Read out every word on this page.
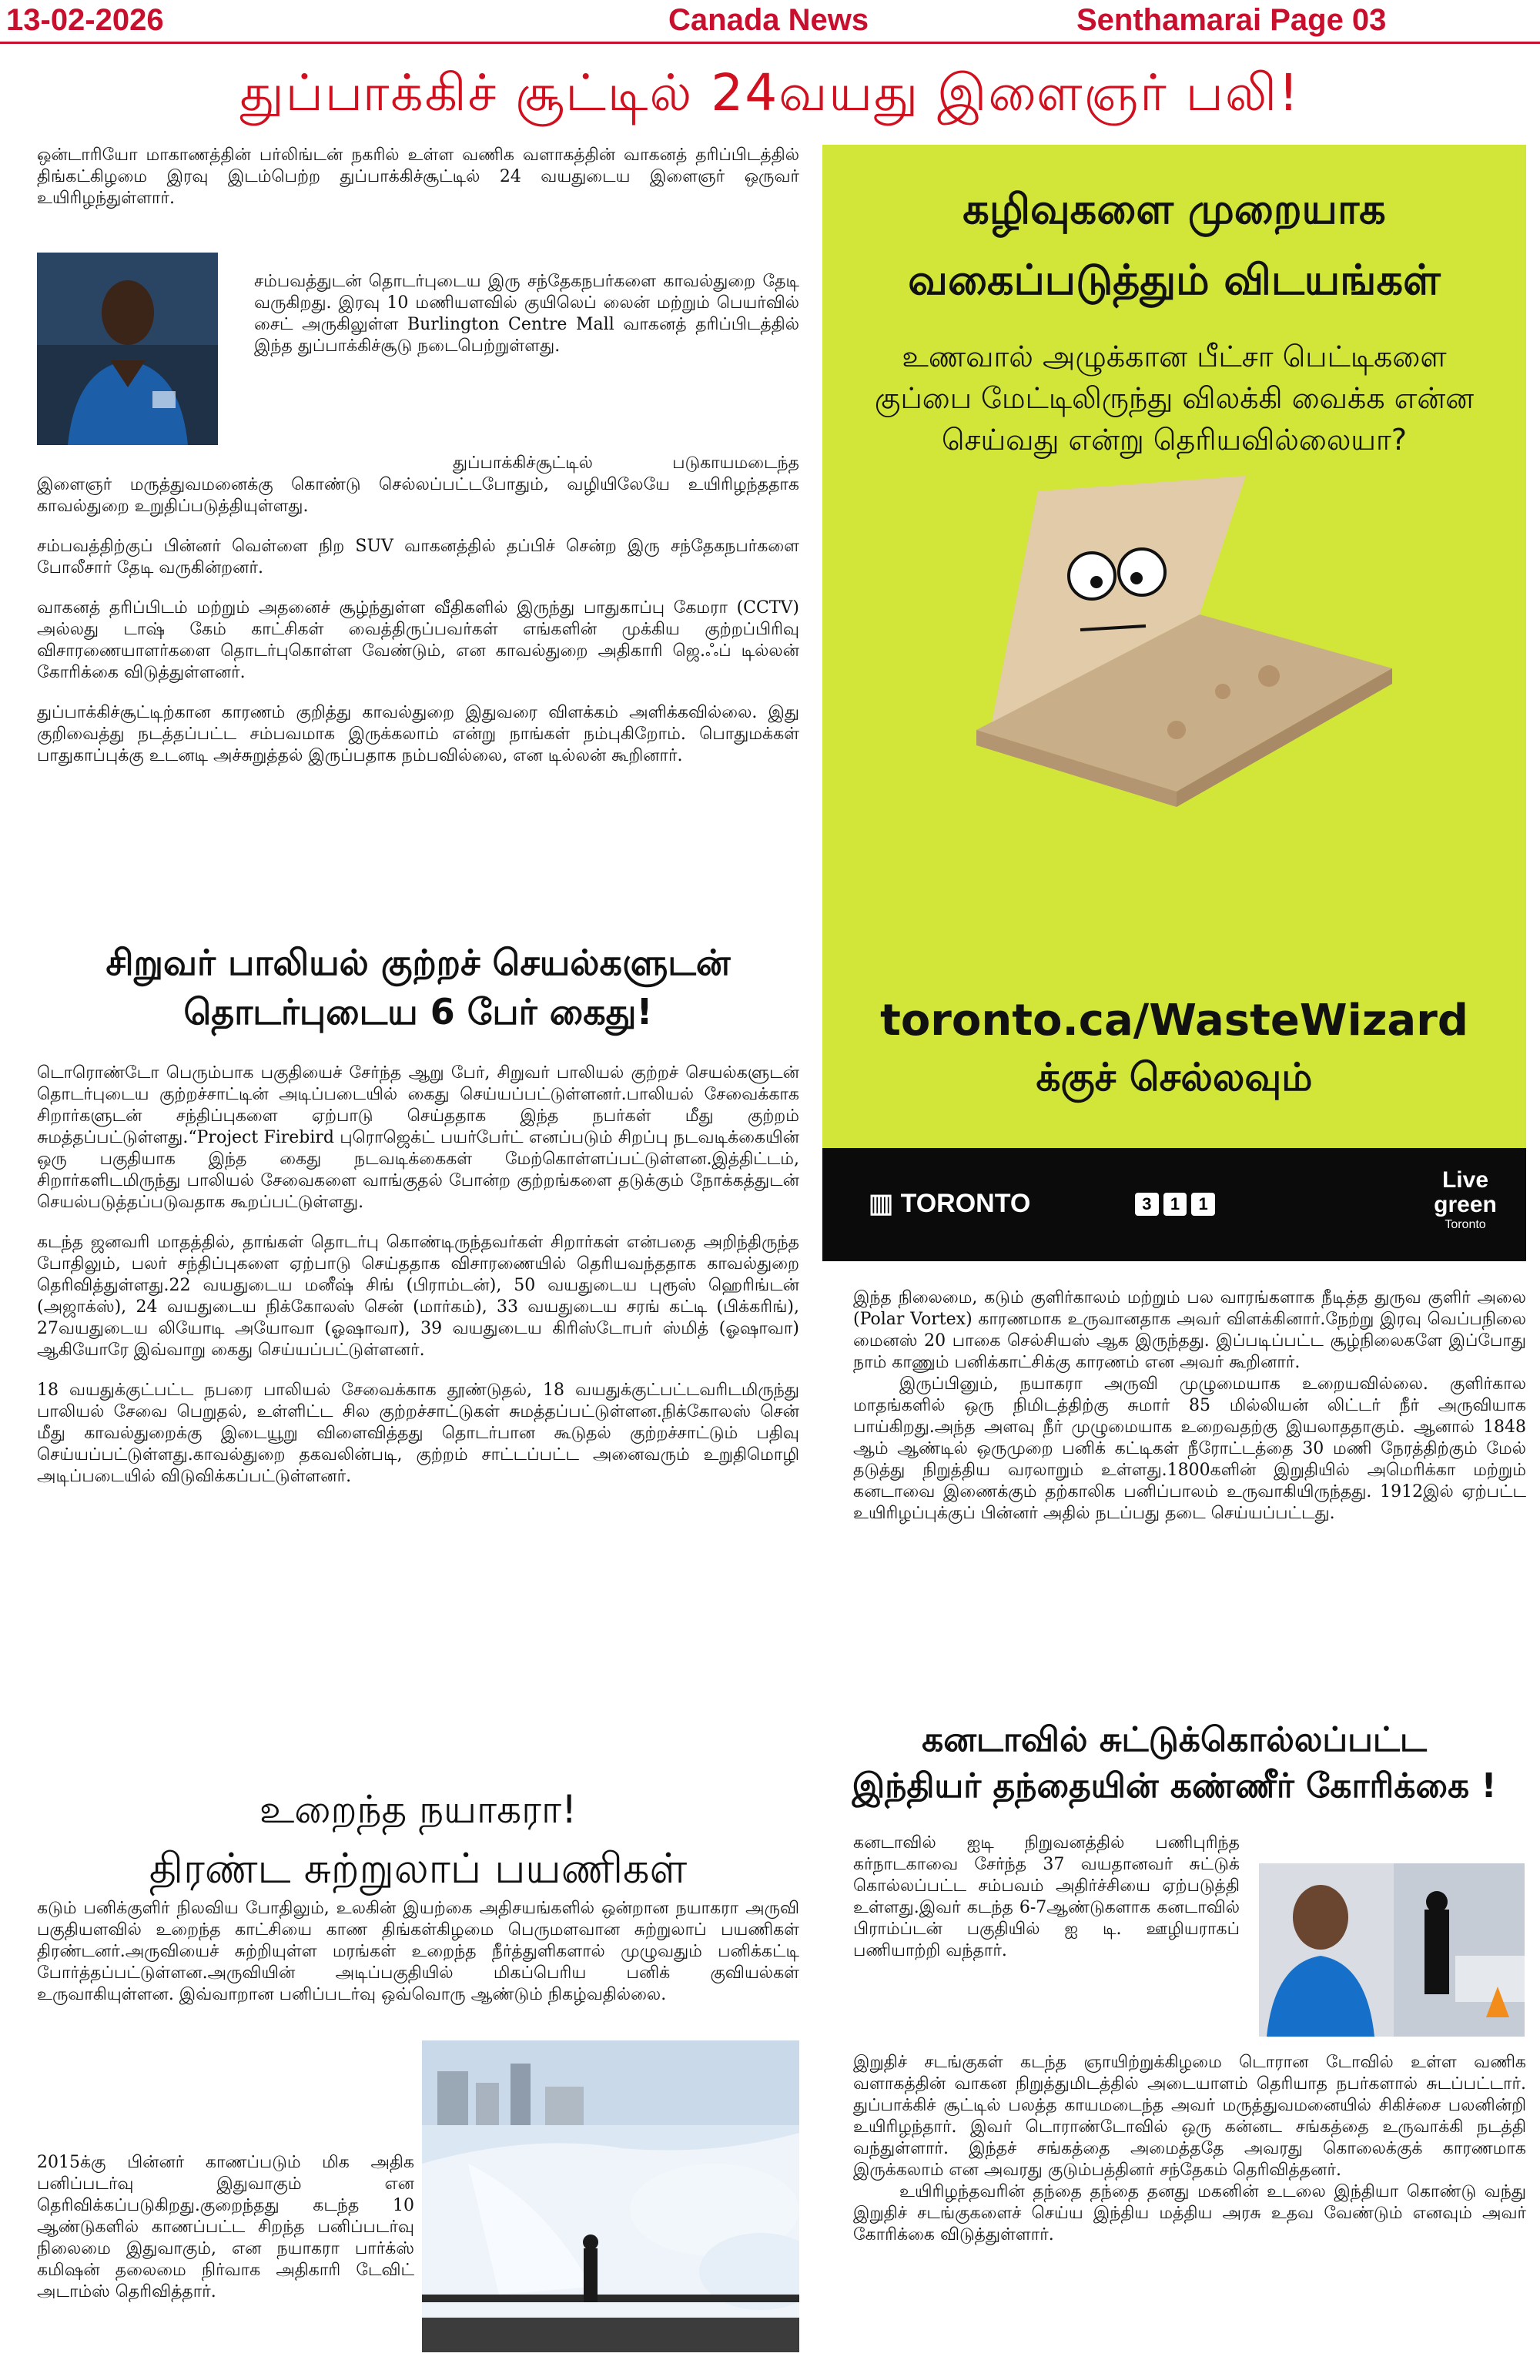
13-02-2026	Canada News	Senthamarai Page 03
துப்பாக்கிச் சூட்டில் 24வயது இளைஞர் பலி!

ஒன்டாரியோ மாகாணத்தின் பர்லிங்டன் நகரில் உள்ள வணிக வளாகத்தின் வாகனத் தரிப்பிடத்தில் திங்கட்கிழமை இரவு இடம்பெற்ற துப்பாக்கிச்சூட்டில் 24 வயதுடைய இளைஞர் ஒருவர் உயிரிழந்துள்ளார்.

சம்பவத்துடன் தொடர்புடைய இரு சந்தேகநபர்களை காவல்துறை தேடி வருகிறது. இரவு 10 மணியளவில் குயிலெப் லைன் மற்றும் பெயர்வில் சைட் அருகிலுள்ள Burlington Centre Mall வாகனத் தரிப்பிடத்தில் இந்த துப்பாக்கிச்சூடு நடைபெற்றுள்ளது.

துப்பாக்கிச்சூட்டில் படுகாயமடைந்த இளைஞர் மருத்துவமனைக்கு கொண்டு செல்லப்பட்டபோதும், வழியிலேயே உயிரிழந்ததாக காவல்துறை உறுதிப்படுத்தியுள்ளது.

சம்பவத்திற்குப் பின்னர் வெள்ளை நிற SUV வாகனத்தில் தப்பிச் சென்ற இரு சந்தேகநபர்களை போலீசார் தேடி வருகின்றனர்.

வாகனத் தரிப்பிடம் மற்றும் அதனைச் சூழ்ந்துள்ள வீதிகளில் இருந்து பாதுகாப்பு கேமரா (CCTV) அல்லது டாஷ் கேம் காட்சிகள் வைத்திருப்பவர்கள் எங்களின் முக்கிய குற்றப்பிரிவு விசாரணையாளர்களை தொடர்புகொள்ள வேண்டும், என காவல்துறை அதிகாரி ஜெ.ஃப் டில்லன் கோரிக்கை விடுத்துள்ளனர்.

துப்பாக்கிச்சூட்டிற்கான காரணம் குறித்து காவல்துறை இதுவரை விளக்கம் அளிக்கவில்லை. இது குறிவைத்து நடத்தப்பட்ட சம்பவமாக இருக்கலாம் என்று நாங்கள் நம்புகிறோம். பொதுமக்கள் பாதுகாப்புக்கு உடனடி அச்சுறுத்தல் இருப்பதாக நம்பவில்லை, என டில்லன் கூறினார்.

சிறுவர் பாலியல் குற்றச் செயல்களுடன்
தொடர்புடைய 6 பேர் கைது!

டொரொண்டோ பெரும்பாக பகுதியைச் சேர்ந்த ஆறு பேர், சிறுவர் பாலியல் குற்றச் செயல்களுடன் தொடர்புடைய குற்றச்சாட்டின் அடிப்படையில் கைது செய்யப்பட்டுள்ளனர்.பாலியல் சேவைக்காக சிறார்களுடன் சந்திப்புகளை ஏற்பாடு செய்ததாக இந்த நபர்கள் மீது குற்றம் சுமத்தப்பட்டுள்ளது.“Project Firebird புரொஜெக்ட் பயர்பேர்ட் எனப்படும் சிறப்பு நடவடிக்கையின் ஒரு பகுதியாக இந்த கைது நடவடிக்கைகள் மேற்கொள்ளப்பட்டுள்ளன.இத்திட்டம், சிறார்களிடமிருந்து பாலியல் சேவைகளை வாங்குதல் போன்ற குற்றங்களை தடுக்கும் நோக்கத்துடன் செயல்படுத்தப்படுவதாக கூறப்பட்டுள்ளது.

கடந்த ஜனவரி மாதத்தில், தாங்கள் தொடர்பு கொண்டிருந்தவர்கள் சிறார்கள் என்பதை அறிந்திருந்த போதிலும், பலர் சந்திப்புகளை ஏற்பாடு செய்ததாக விசாரணையில் தெரியவந்ததாக காவல்துறை தெரிவித்துள்ளது.22 வயதுடைய மனீஷ் சிங் (பிராம்டன்), 50 வயதுடைய புரூஸ் ஹெரிங்டன் (அஜாக்ஸ்), 24 வயதுடைய நிக்கோலஸ் சென் (மார்கம்), 33 வயதுடைய சரங் கட்டி (பிக்கரிங்), 27வயதுடைய லியோடி அயோவா (ஓஷாவா), 39 வயதுடைய கிரிஸ்டோபர் ஸ்மித் (ஓஷாவா) ஆகியோரே இவ்வாறு கைது செய்யப்பட்டுள்ளனர்.

18 வயதுக்குட்பட்ட நபரை பாலியல் சேவைக்காக தூண்டுதல், 18 வயதுக்குட்பட்டவரிடமிருந்து பாலியல் சேவை பெறுதல், உள்ளிட்ட சில குற்றச்சாட்டுகள் சுமத்தப்பட்டுள்ளன.நிக்கோலஸ் சென் மீது காவல்துறைக்கு இடையூறு விளைவித்தது தொடர்பான கூடுதல் குற்றச்சாட்டும் பதிவு செய்யப்பட்டுள்ளது.காவல்துறை தகவலின்படி, குற்றம் சாட்டப்பட்ட அனைவரும் உறுதிமொழி அடிப்படையில் விடுவிக்கப்பட்டுள்ளனர்.

உறைந்த நயாகரா!
திரண்ட சுற்றுலாப் பயணிகள்

கடும் பனிக்குளிர் நிலவிய போதிலும், உலகின் இயற்கை அதிசயங்களில் ஒன்றான நயாகரா அருவி பகுதியளவில் உறைந்த காட்சியை காண திங்கள்கிழமை பெருமளவான சுற்றுலாப் பயணிகள் திரண்டனர்.அருவியைச் சுற்றியுள்ள மரங்கள் உறைந்த நீர்த்துளிகளால் முழுவதும் பனிக்கட்டி போர்த்தப்பட்டுள்ளன.அருவியின் அடிப்பகுதியில் மிகப்பெரிய பனிக் குவியல்கள் உருவாகியுள்ளன. இவ்வாறான பனிப்படர்வு ஒவ்வொரு ஆண்டும் நிகழ்வதில்லை.

2015க்கு பின்னர் காணப்படும் மிக அதிக பனிப்படர்வு இதுவாகும் என தெரிவிக்கப்படுகிறது.குறைந்தது கடந்த 10 ஆண்டுகளில் காணப்பட்ட சிறந்த பனிப்படர்வு நிலைமை இதுவாகும், என நயாகரா பார்க்ஸ் கமிஷன் தலைமை நிர்வாக அதிகாரி டேவிட் அடாம்ஸ் தெரிவித்தார்.

கழிவுகளை முறையாக
வகைப்படுத்தும் விடயங்கள்
உணவால் அழுக்கான பீட்சா பெட்டிகளை குப்பை மேட்டிலிருந்து விலக்கி வைக்க என்ன செய்வது என்று தெரியவில்லையா?
toronto.ca/WasteWizard
க்குச் செல்லவும்
▥ TORONTO	3	1	1
Live
green
Toronto

இந்த நிலைமை, கடும் குளிர்காலம் மற்றும் பல வாரங்களாக நீடித்த துருவ குளிர் அலை (Polar Vortex) காரணமாக உருவானதாக அவர் விளக்கினார்.நேற்று இரவு வெப்பநிலை மைனஸ் 20 பாகை செல்சியஸ் ஆக இருந்தது. இப்படிப்பட்ட சூழ்நிலைகளே இப்போது நாம் காணும் பனிக்காட்சிக்கு காரணம் என அவர் கூறினார்.

இருப்பினும், நயாகரா அருவி முழுமையாக உறையவில்லை. குளிர்கால மாதங்களில் ஒரு நிமிடத்திற்கு சுமார் 85 மில்லியன் லிட்டர் நீர் அருவியாக பாய்கிறது.அந்த அளவு நீர் முழுமையாக உறைவதற்கு இயலாததாகும். ஆனால் 1848 ஆம் ஆண்டில் ஒருமுறை பனிக் கட்டிகள் நீரோட்டத்தை 30 மணி நேரத்திற்கும் மேல் தடுத்து நிறுத்திய வரலாறும் உள்ளது.1800களின் இறுதியில் அமெரிக்கா மற்றும் கனடாவை இணைக்கும் தற்காலிக பனிப்பாலம் உருவாகியிருந்தது. 1912இல் ஏற்பட்ட உயிரிழப்புக்குப் பின்னர் அதில் நடப்பது தடை செய்யப்பட்டது.

கனடாவில் சுட்டுக்கொல்லப்பட்ட
இந்தியர் தந்தையின் கண்ணீர் கோரிக்கை !

கனடாவில் ஐடி நிறுவனத்தில் பணிபுரிந்த கர்நாடகாவை சேர்ந்த 37 வயதானவர் சுட்டுக் கொல்லப்பட்ட சம்பவம் அதிர்ச்சியை ஏற்படுத்தி உள்ளது.இவர் கடந்த 6-7ஆண்டுகளாக கனடாவில் பிராம்ப்டன் பகுதியில் ஐ டி. ஊழியராகப் பணியாற்றி வந்தார்.

இறுதிச் சடங்குகள் கடந்த ஞாயிற்றுக்கிழமை டொரான டோவில் உள்ள வணிக வளாகத்தின் வாகன நிறுத்துமிடத்தில் அடையாளம் தெரியாத நபர்களால் சுடப்பட்டார். துப்பாக்கிச் சூட்டில் பலத்த காயமடைந்த அவர் மருத்துவமனையில் சிகிச்சை பலனின்றி உயிரிழந்தார். இவர் டொராண்டோவில் ஒரு கன்னட சங்கத்தை உருவாக்கி நடத்தி வந்துள்ளார். இந்தச் சங்கத்தை அமைத்ததே அவரது கொலைக்குக் காரணமாக இருக்கலாம் என அவரது குடும்பத்தினர் சந்தேகம் தெரிவித்தனர்.

உயிரிழந்தவரின் தந்தை தந்தை தனது மகனின் உடலை இந்தியா கொண்டு வந்து இறுதிச் சடங்குகளைச் செய்ய இந்திய மத்திய அரசு உதவ வேண்டும் எனவும் அவர் கோரிக்கை விடுத்துள்ளார்.
